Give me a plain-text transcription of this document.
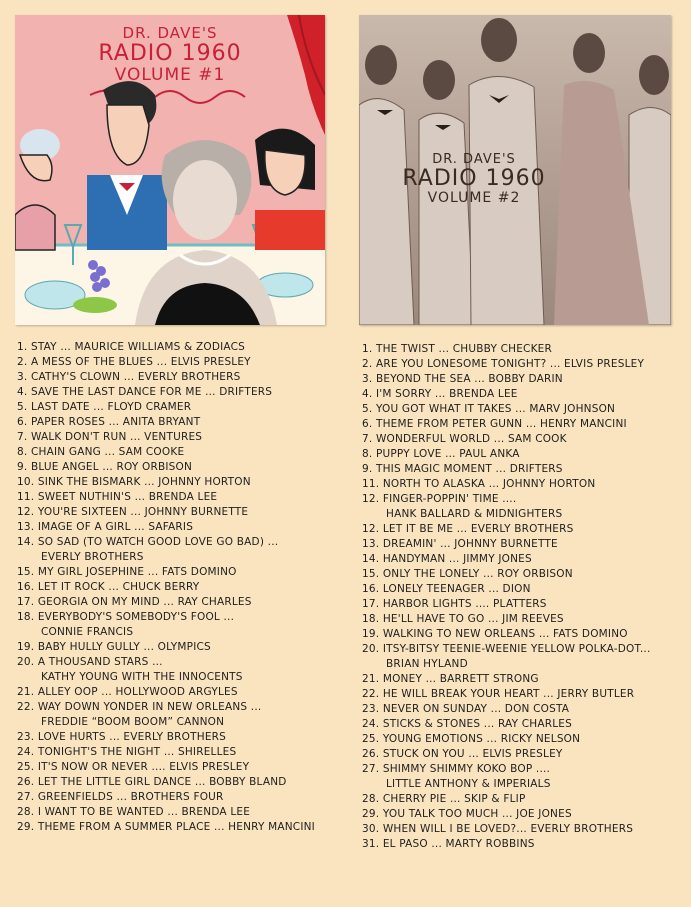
DR. DAVE'S
RADIO 1960
VOLUME #1
DR. DAVE'S
RADIO 1960
VOLUME #2
1. STAY ... MAURICE WILLIAMS & ZODIACS
2. A MESS OF THE BLUES ... ELVIS PRESLEY
3. CATHY'S CLOWN ... EVERLY BROTHERS
4. SAVE THE LAST DANCE FOR ME ... DRIFTERS
5. LAST DATE ... FLOYD CRAMER
6. PAPER ROSES ... ANITA BRYANT
7. WALK DON'T RUN ... VENTURES
8. CHAIN GANG ... SAM COOKE
9. BLUE ANGEL ... ROY ORBISON
10. SINK THE BISMARK ... JOHNNY HORTON
11. SWEET NUTHIN'S ... BRENDA LEE
12. YOU'RE SIXTEEN ... JOHNNY BURNETTE
13. IMAGE OF A GIRL ... SAFARIS
14. SO SAD (TO WATCH GOOD LOVE GO BAD) ...
EVERLY BROTHERS
15. MY GIRL JOSEPHINE ... FATS DOMINO
16. LET IT ROCK ... CHUCK BERRY
17. GEORGIA ON MY MIND ... RAY CHARLES
18. EVERYBODY'S SOMEBODY'S FOOL ...
CONNIE FRANCIS
19. BABY HULLY GULLY ... OLYMPICS
20. A THOUSAND STARS ...
KATHY YOUNG WITH THE INNOCENTS
21. ALLEY OOP ... HOLLYWOOD ARGYLES
22. WAY DOWN YONDER IN NEW ORLEANS ...
FREDDIE “BOOM BOOM” CANNON
23. LOVE HURTS ... EVERLY BROTHERS
24. TONIGHT'S THE NIGHT ... SHIRELLES
25. IT'S NOW OR NEVER .... ELVIS PRESLEY
26. LET THE LITTLE GIRL DANCE ... BOBBY BLAND
27. GREENFIELDS ... BROTHERS FOUR
28. I WANT TO BE WANTED ... BRENDA LEE
29. THEME FROM A SUMMER PLACE ... HENRY MANCINI
1. THE TWIST ... CHUBBY CHECKER
2. ARE YOU LONESOME TONIGHT? ... ELVIS PRESLEY
3. BEYOND THE SEA ... BOBBY DARIN
4. I'M SORRY ... BRENDA LEE
5. YOU GOT WHAT IT TAKES ... MARV JOHNSON
6. THEME FROM PETER GUNN ... HENRY MANCINI
7. WONDERFUL WORLD ... SAM COOK
8. PUPPY LOVE ... PAUL ANKA
9. THIS MAGIC MOMENT ... DRIFTERS
11. NORTH TO ALASKA ... JOHNNY HORTON
12. FINGER-POPPIN' TIME ....
HANK BALLARD & MIDNIGHTERS
12. LET IT BE ME ... EVERLY BROTHERS
13. DREAMIN' ... JOHNNY BURNETTE
14. HANDYMAN ... JIMMY JONES
15. ONLY THE LONELY ... ROY ORBISON
16. LONELY TEENAGER ... DION
17. HARBOR LIGHTS .... PLATTERS
18. HE'LL HAVE TO GO ... JIM REEVES
19. WALKING TO NEW ORLEANS ... FATS DOMINO
20. ITSY-BITSY TEENIE-WEENIE YELLOW POLKA-DOT...
BRIAN HYLAND
21. MONEY ... BARRETT STRONG
22. HE WILL BREAK YOUR HEART ... JERRY BUTLER
23. NEVER ON SUNDAY ... DON COSTA
24. STICKS & STONES ... RAY CHARLES
25. YOUNG EMOTIONS ... RICKY NELSON
26. STUCK ON YOU ... ELVIS PRESLEY
27. SHIMMY SHIMMY KOKO BOP ....
LITTLE ANTHONY & IMPERIALS
28. CHERRY PIE ... SKIP & FLIP
29. YOU TALK TOO MUCH ... JOE JONES
30. WHEN WILL I BE LOVED?... EVERLY BROTHERS
31. EL PASO ... MARTY ROBBINS
